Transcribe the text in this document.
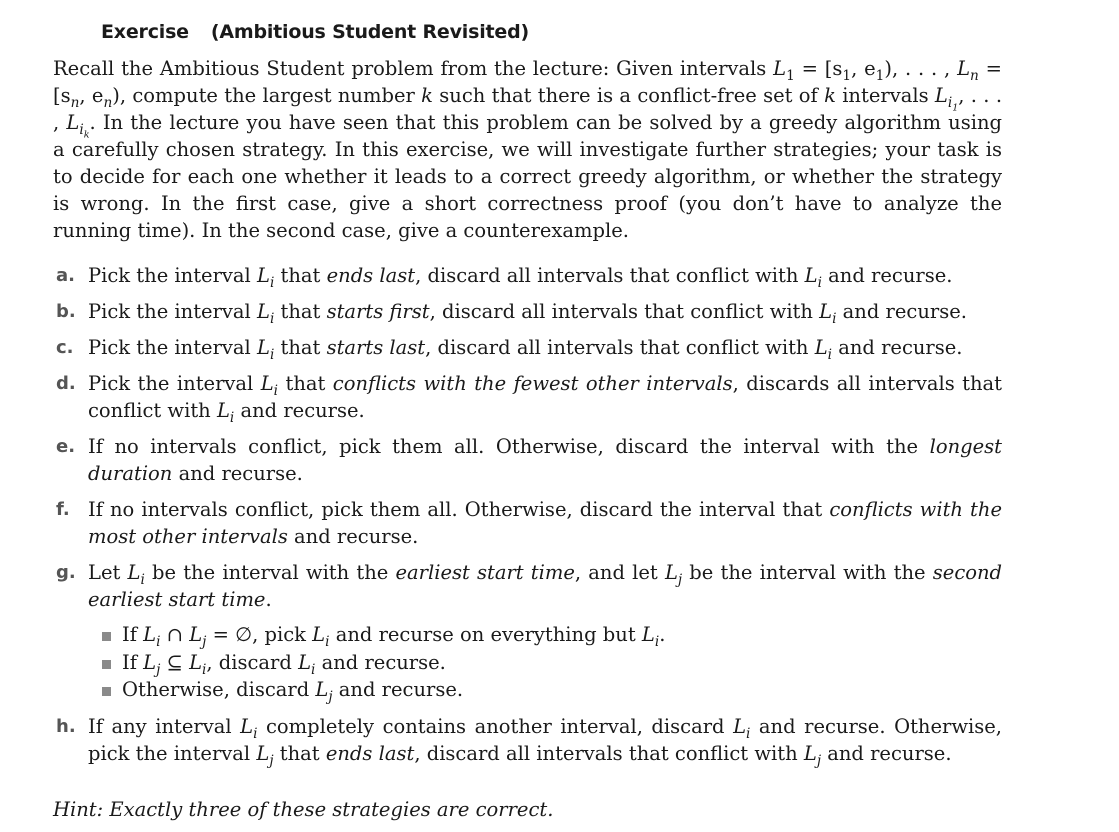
Exercise (Ambitious Student Revisited)
Recall the Ambitious Student problem from the lecture: Given intervals $L_1 = [s_1$, $e_1$), . . . , $L_n = [s_n$, $e_n$), compute the largest number k such that there is a conflict-free set of k intervals $L_{i_1}$, . . . , $L_{i_k}$. In the lecture you have seen that this problem can be solved by a greedy algorithm using a carefully chosen strategy. In this exercise, we will investigate further strategies; your task is to decide for each one whether it leads to a correct greedy algorithm, or whether the strategy is wrong. In the first case, give a short correctness proof (you don’t have to analyze the running time). In the second case, give a counterexample.
a. Pick the interval $L_i$ that ends last, discard all intervals that conflict with $L_i$ and recurse.
b. Pick the interval $L_i$ that starts first, discard all intervals that conflict with $L_i$ and recurse.
c. Pick the interval $L_i$ that starts last, discard all intervals that conflict with $L_i$ and recurse.
d. Pick the interval $L_i$ that conflicts with the fewest other intervals, discards all intervals that conflict with $L_i$ and recurse.
e. If no intervals conflict, pick them all. Otherwise, discard the interval with the longest duration and recurse.
f. If no intervals conflict, pick them all. Otherwise, discard the interval that conflicts with the most other intervals and recurse.
g. Let $L_i$ be the interval with the earliest start time, and let $L_j$ be the interval with the second earliest start time.
If $L_i$ ∩ $L_j$ = ∅, pick $L_i$ and recurse on everything but $L_i$.
If $L_j$ ⊆ $L_i$, discard $L_i$ and recurse.
Otherwise, discard $L_j$ and recurse.
h. If any interval $L_i$ completely contains another interval, discard $L_i$ and recurse. Otherwise, pick the interval $L_j$ that ends last, discard all intervals that conflict with $L_j$ and recurse.
Hint: Exactly three of these strategies are correct.
